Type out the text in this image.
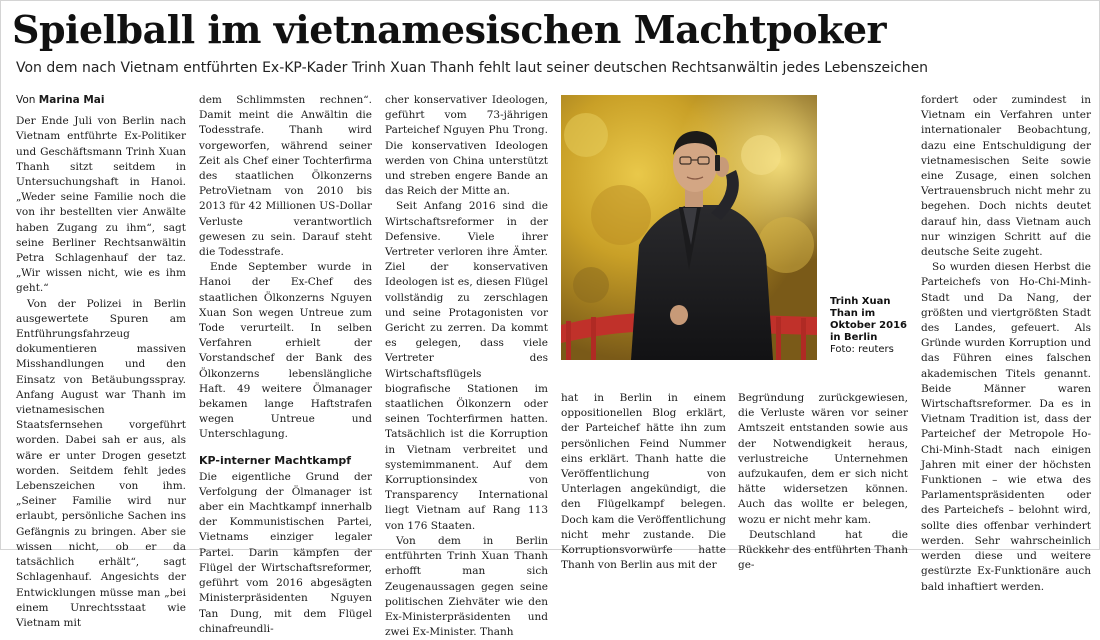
Spielball im vietnamesischen Machtpoker
Von dem nach Vietnam entführten Ex-KP-Kader Trinh Xuan Thanh fehlt laut seiner deutschen Rechtsanwältin jedes Lebenszeichen
Von Marina Mai

Der Ende Juli von Berlin nach Vietnam entführte Ex-Politiker und Geschäftsmann Trinh Xuan Thanh sitzt seitdem in Untersuchungshaft in Hanoi. „Weder seine Familie noch die von ihr bestellten vier Anwälte haben Zugang zu ihm“, sagt seine Berliner Rechtsanwältin Petra Schlagenhauf der taz. „Wir wissen nicht, wie es ihm geht.“

Von der Polizei in Berlin ausgewertete Spuren am Entführungsfahrzeug dokumentieren massiven Misshandlungen und den Einsatz von Betäubungsspray. Anfang August war Thanh im vietnamesischen Staatsfernsehen vorgeführt worden. Dabei sah er aus, als wäre er unter Drogen gesetzt worden. Seitdem fehlt jedes Lebenszeichen von ihm. „Seiner Familie wird nur erlaubt, persönliche Sachen ins Gefängnis zu bringen. Aber sie wissen nicht, ob er da tatsächlich erhält“, sagt Schlagenhauf. Angesichts der Entwicklungen müsse man „bei einem Unrechtsstaat wie Vietnam mit

dem Schlimmsten rechnen“. Damit meint die Anwältin die Todesstrafe. Thanh wird vorgeworfen, während seiner Zeit als Chef einer Tochterfirma des staatlichen Ölkonzerns PetroVietnam von 2010 bis 2013 für 42 Millionen US-Dollar Verluste verantwortlich gewesen zu sein. Darauf steht die Todesstrafe.

Ende September wurde in Hanoi der Ex-Chef des staatlichen Ölkonzerns Nguyen Xuan Son wegen Untreue zum Tode verurteilt. In selben Verfahren erhielt der Vorstandschef der Bank des Ölkonzerns lebenslängliche Haft. 49 weitere Ölmanager bekamen lange Haftstrafen wegen Untreue und Unterschlagung.

KP-interner Machtkampf

Die eigentliche Grund der Verfolgung der Ölmanager ist aber ein Machtkampf innerhalb der Kommunistischen Partei, Vietnams einziger legaler Partei. Darin kämpfen der Flügel der Wirtschaftsreformer, geführt vom 2016 abgesägten Ministerpräsidenten Nguyen Tan Dung, mit dem Flügel chinafreundli-

cher konservativer Ideologen, geführt vom 73-jährigen Parteichef Nguyen Phu Trong. Die konservativen Ideologen werden von China unterstützt und streben engere Bande an das Reich der Mitte an.

Seit Anfang 2016 sind die Wirtschaftsreformer in der Defensive. Viele ihrer Vertreter verloren ihre Ämter. Ziel der konservativen Ideologen ist es, diesen Flügel vollständig zu zerschlagen und seine Protagonisten vor Gericht zu zerren. Da kommt es gelegen, dass viele Vertreter des Wirtschaftsflügels biografische Stationen im staatlichen Ölkonzern oder seinen Tochterfirmen hatten. Tatsächlich ist die Korruption in Vietnam verbreitet und systemimmanent. Auf dem Korruptionsindex von Transparency International liegt Vietnam auf Rang 113 von 176 Staaten.

Von dem in Berlin entführten Trinh Xuan Thanh erhofft man sich Zeugenaussagen gegen seine politischen Ziehväter wie den Ex-Ministerpräsidenten und zwei Ex-Minister. Thanh

hat in Berlin in einem oppositionellen Blog erklärt, der Parteichef hätte ihn zum persönlichen Feind Nummer eins erklärt. Thanh hatte die Veröffentlichung von Unterlagen angekündigt, die den Flügelkampf belegen. Doch kam die Veröffentlichung nicht mehr zustande. Die Korruptionsvorwürfe hatte Thanh von Berlin aus mit der

Begründung zurückgewiesen, die Verluste wären vor seiner Amtszeit entstanden sowie aus der Notwendigkeit heraus, verlustreiche Unternehmen aufzukaufen, dem er sich nicht hätte widersetzen können. Auch das wollte er belegen, wozu er nicht mehr kam.

Deutschland hat die Rückkehr des entführten Thanh ge-

fordert oder zumindest in Vietnam ein Verfahren unter internationaler Beobachtung, dazu eine Entschuldigung der vietnamesischen Seite sowie eine Zusage, einen solchen Vertrauensbruch nicht mehr zu begehen. Doch nichts deutet darauf hin, dass Vietnam auch nur winzigen Schritt auf die deutsche Seite zugeht.

So wurden diesen Herbst die Parteichefs von Ho-Chi-Minh-Stadt und Da Nang, der größten und viertgrößten Stadt des Landes, gefeuert. Als Gründe wurden Korruption und das Führen eines falschen akademischen Titels genannt. Beide Männer waren Wirtschaftsreformer. Da es in Vietnam Tradition ist, dass der Parteichef der Metropole Ho-Chi-Minh-Stadt nach einigen Jahren mit einer der höchsten Funktionen – wie etwa des Parlamentspräsidenten oder des Parteichefs – belohnt wird, sollte dies offenbar verhindert werden. Sehr wahrscheinlich werden diese und weitere gestürzte Ex-Funktionäre auch bald inhaftiert werden.

Trinh Xuan Than im Oktober 2016 in Berlin
Foto: reuters
